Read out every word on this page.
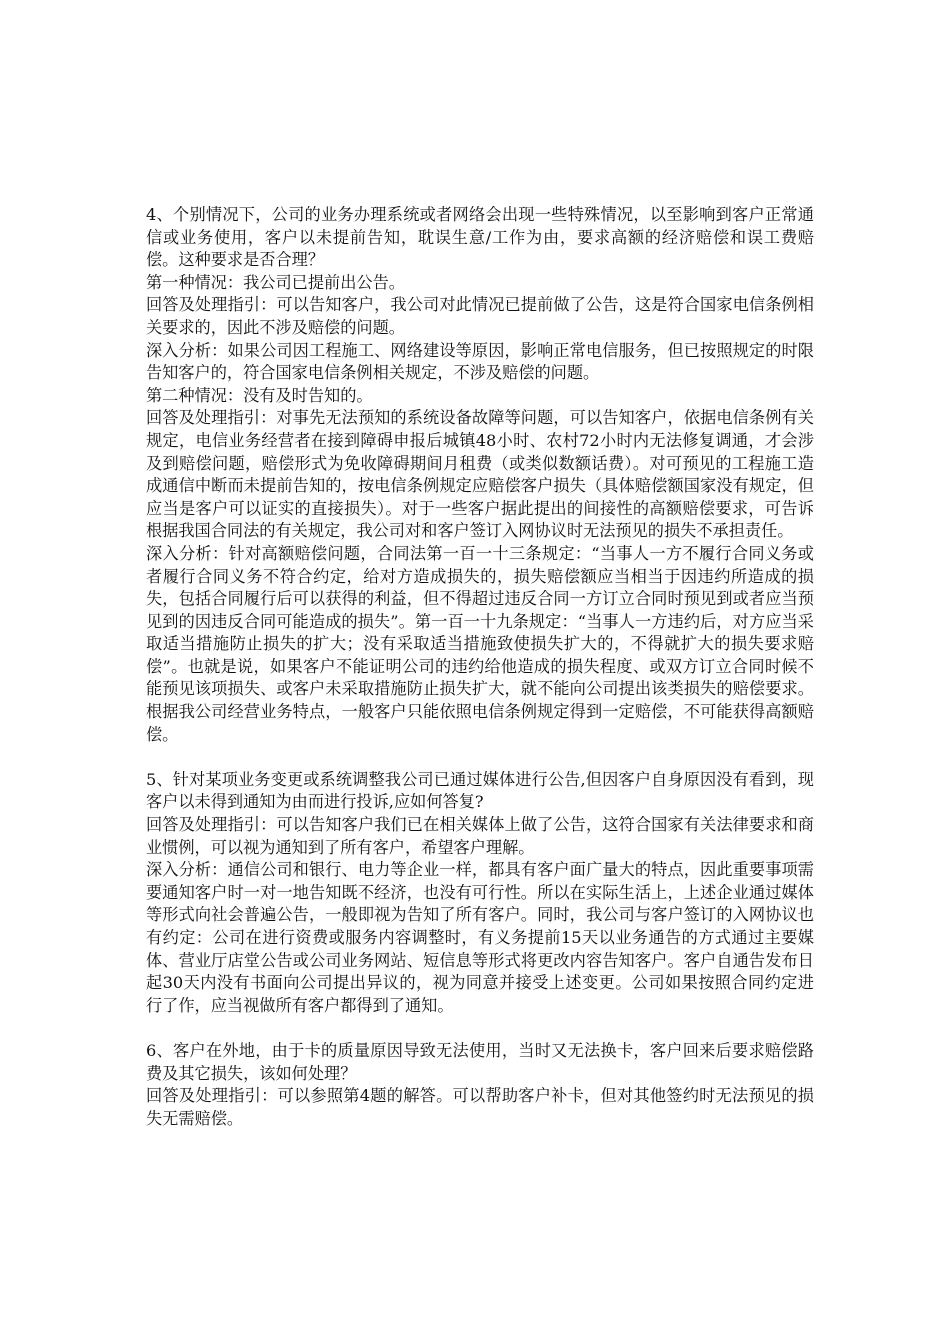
4、个别情况下，公司的业务办理系统或者网络会出现一些特殊情况，以至影响到客户正常通信或业务使用，客户以未提前告知，耽误生意/工作为由，要求高额的经济赔偿和误工费赔偿。这种要求是否合理？

第一种情况：我公司已提前出公告。

回答及处理指引：可以告知客户，我公司对此情况已提前做了公告，这是符合国家电信条例相关要求的，因此不涉及赔偿的问题。

深入分析：如果公司因工程施工、网络建设等原因，影响正常电信服务，但已按照规定的时限告知客户的，符合国家电信条例相关规定，不涉及赔偿的问题。

第二种情况：没有及时告知的。

回答及处理指引：对事先无法预知的系统设备故障等问题，可以告知客户，依据电信条例有关规定，电信业务经营者在接到障碍申报后城镇48小时、农村72小时内无法修复调通，才会涉及到赔偿问题，赔偿形式为免收障碍期间月租费（或类似数额话费）。对可预见的工程施工造成通信中断而未提前告知的，按电信条例规定应赔偿客户损失（具体赔偿额国家没有规定，但应当是客户可以证实的直接损失）。对于一些客户据此提出的间接性的高额赔偿要求，可告诉根据我国合同法的有关规定，我公司对和客户签订入网协议时无法预见的损失不承担责任。

深入分析：针对高额赔偿问题，合同法第一百一十三条规定：“当事人一方不履行合同义务或者履行合同义务不符合约定，给对方造成损失的，损失赔偿额应当相当于因违约所造成的损失，包括合同履行后可以获得的利益，但不得超过违反合同一方订立合同时预见到或者应当预见到的因违反合同可能造成的损失”。第一百一十九条规定：“当事人一方违约后，对方应当采取适当措施防止损失的扩大；没有采取适当措施致使损失扩大的，不得就扩大的损失要求赔偿”。也就是说，如果客户不能证明公司的违约给他造成的损失程度、或双方订立合同时候不能预见该项损失、或客户未采取措施防止损失扩大，就不能向公司提出该类损失的赔偿要求。根据我公司经营业务特点，一般客户只能依照电信条例规定得到一定赔偿，不可能获得高额赔偿。

5、针对某项业务变更或系统调整我公司已通过媒体进行公告,但因客户自身原因没有看到，现客户以未得到通知为由而进行投诉,应如何答复?

回答及处理指引：可以告知客户我们已在相关媒体上做了公告，这符合国家有关法律要求和商业惯例，可以视为通知到了所有客户，希望客户理解。

深入分析：通信公司和银行、电力等企业一样，都具有客户面广量大的特点，因此重要事项需要通知客户时一对一地告知既不经济，也没有可行性。所以在实际生活上，上述企业通过媒体等形式向社会普遍公告，一般即视为告知了所有客户。同时，我公司与客户签订的入网协议也有约定：公司在进行资费或服务内容调整时，有义务提前15天以业务通告的方式通过主要媒体、营业厅店堂公告或公司业务网站、短信息等形式将更改内容告知客户。客户自通告发布日起30天内没有书面向公司提出异议的，视为同意并接受上述变更。公司如果按照合同约定进行了作，应当视做所有客户都得到了通知。

6、客户在外地，由于卡的质量原因导致无法使用，当时又无法换卡，客户回来后要求赔偿路费及其它损失，该如何处理？

回答及处理指引：可以参照第4题的解答。可以帮助客户补卡，但对其他签约时无法预见的损失无需赔偿。
